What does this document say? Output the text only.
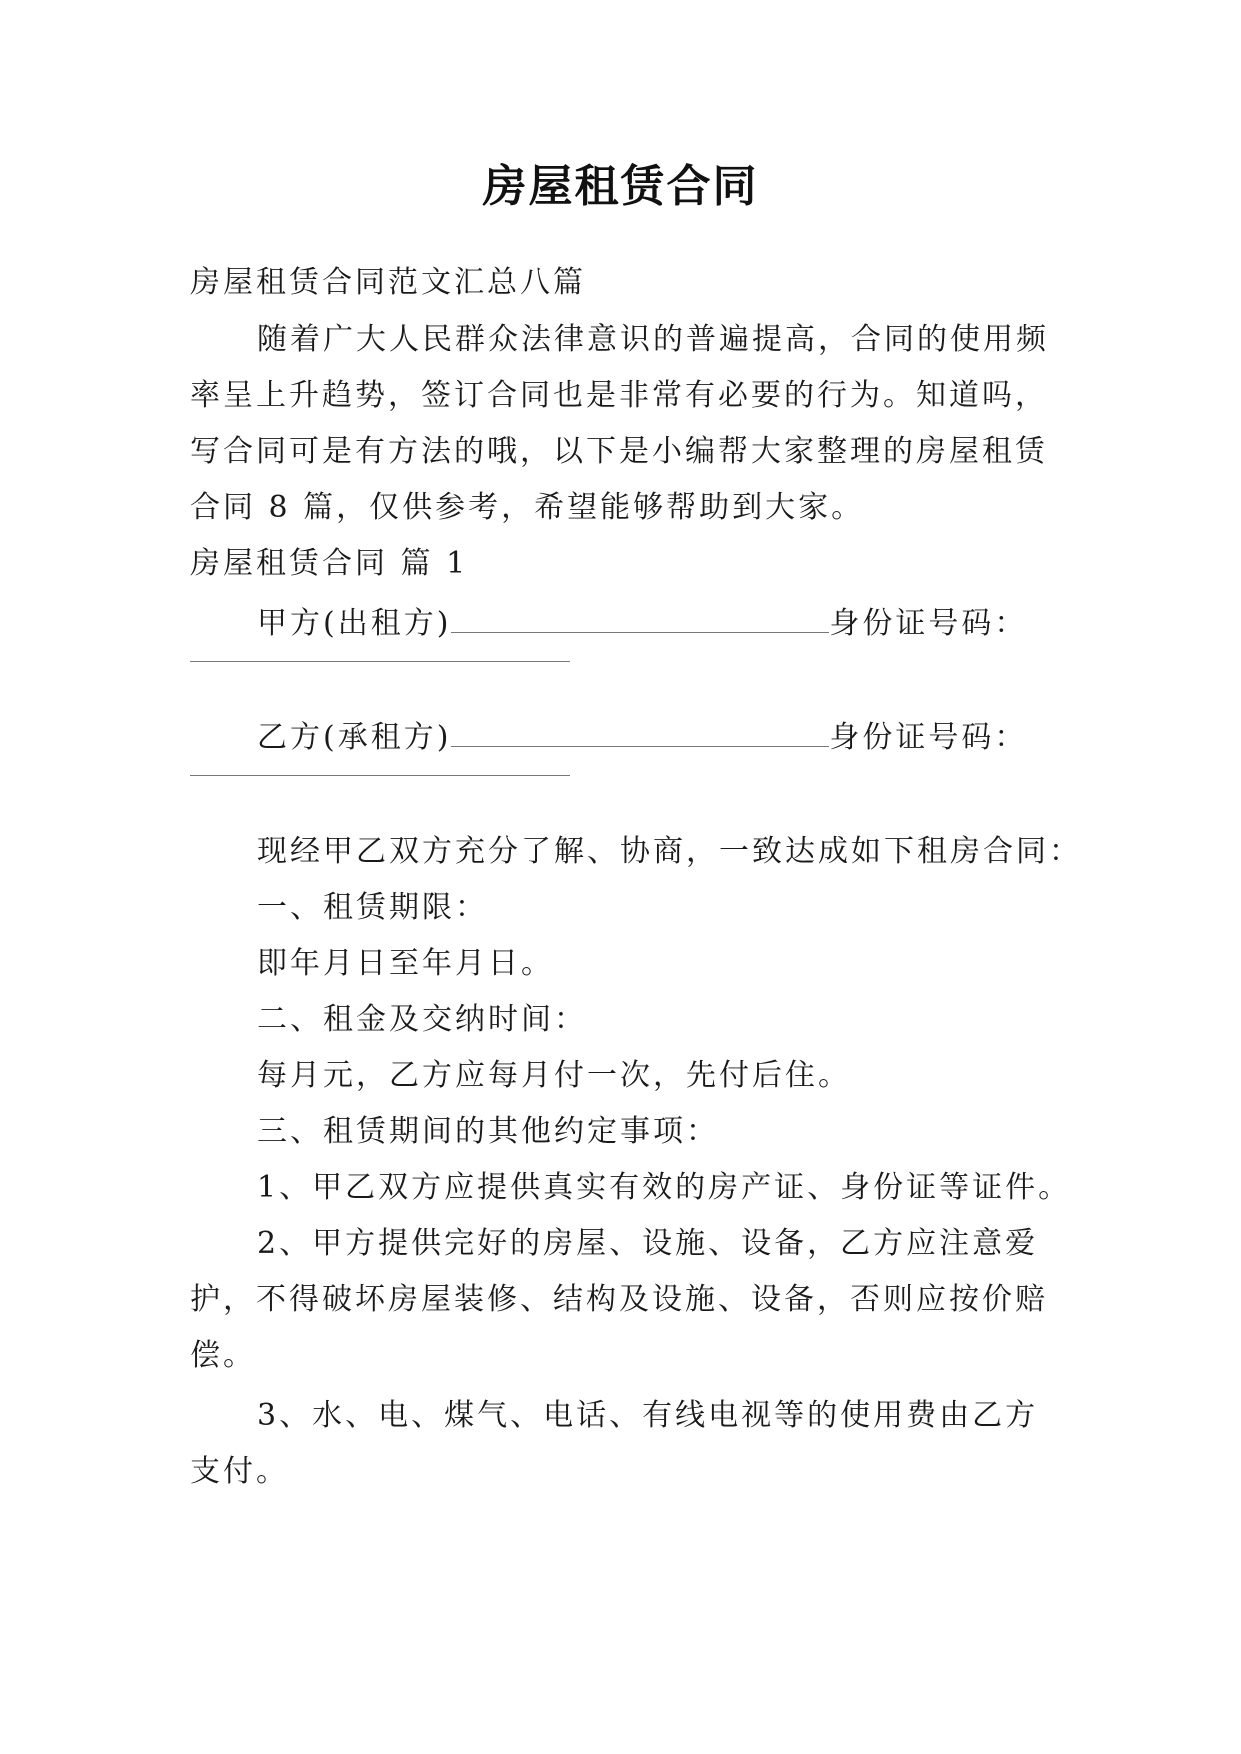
房屋租赁合同
房屋租赁合同范文汇总八篇
随着广大人民群众法律意识的普遍提高，合同的使用频
率呈上升趋势，签订合同也是非常有必要的行为。知道吗，
写合同可是有方法的哦，以下是小编帮大家整理的房屋租赁
合同 8 篇，仅供参考，希望能够帮助到大家。
房屋租赁合同 篇 1
甲方(出租方)	身份证号码：
乙方(承租方)	身份证号码：
现经甲乙双方充分了解、协商，一致达成如下租房合同：
一、租赁期限：
即年月日至年月日。
二、租金及交纳时间：
每月元，乙方应每月付一次，先付后住。
三、租赁期间的其他约定事项：
1、甲乙双方应提供真实有效的房产证、身份证等证件。
2、甲方提供完好的房屋、设施、设备，乙方应注意爱
护，不得破坏房屋装修、结构及设施、设备，否则应按价赔
偿。
3、水、电、煤气、电话、有线电视等的使用费由乙方
支付。
